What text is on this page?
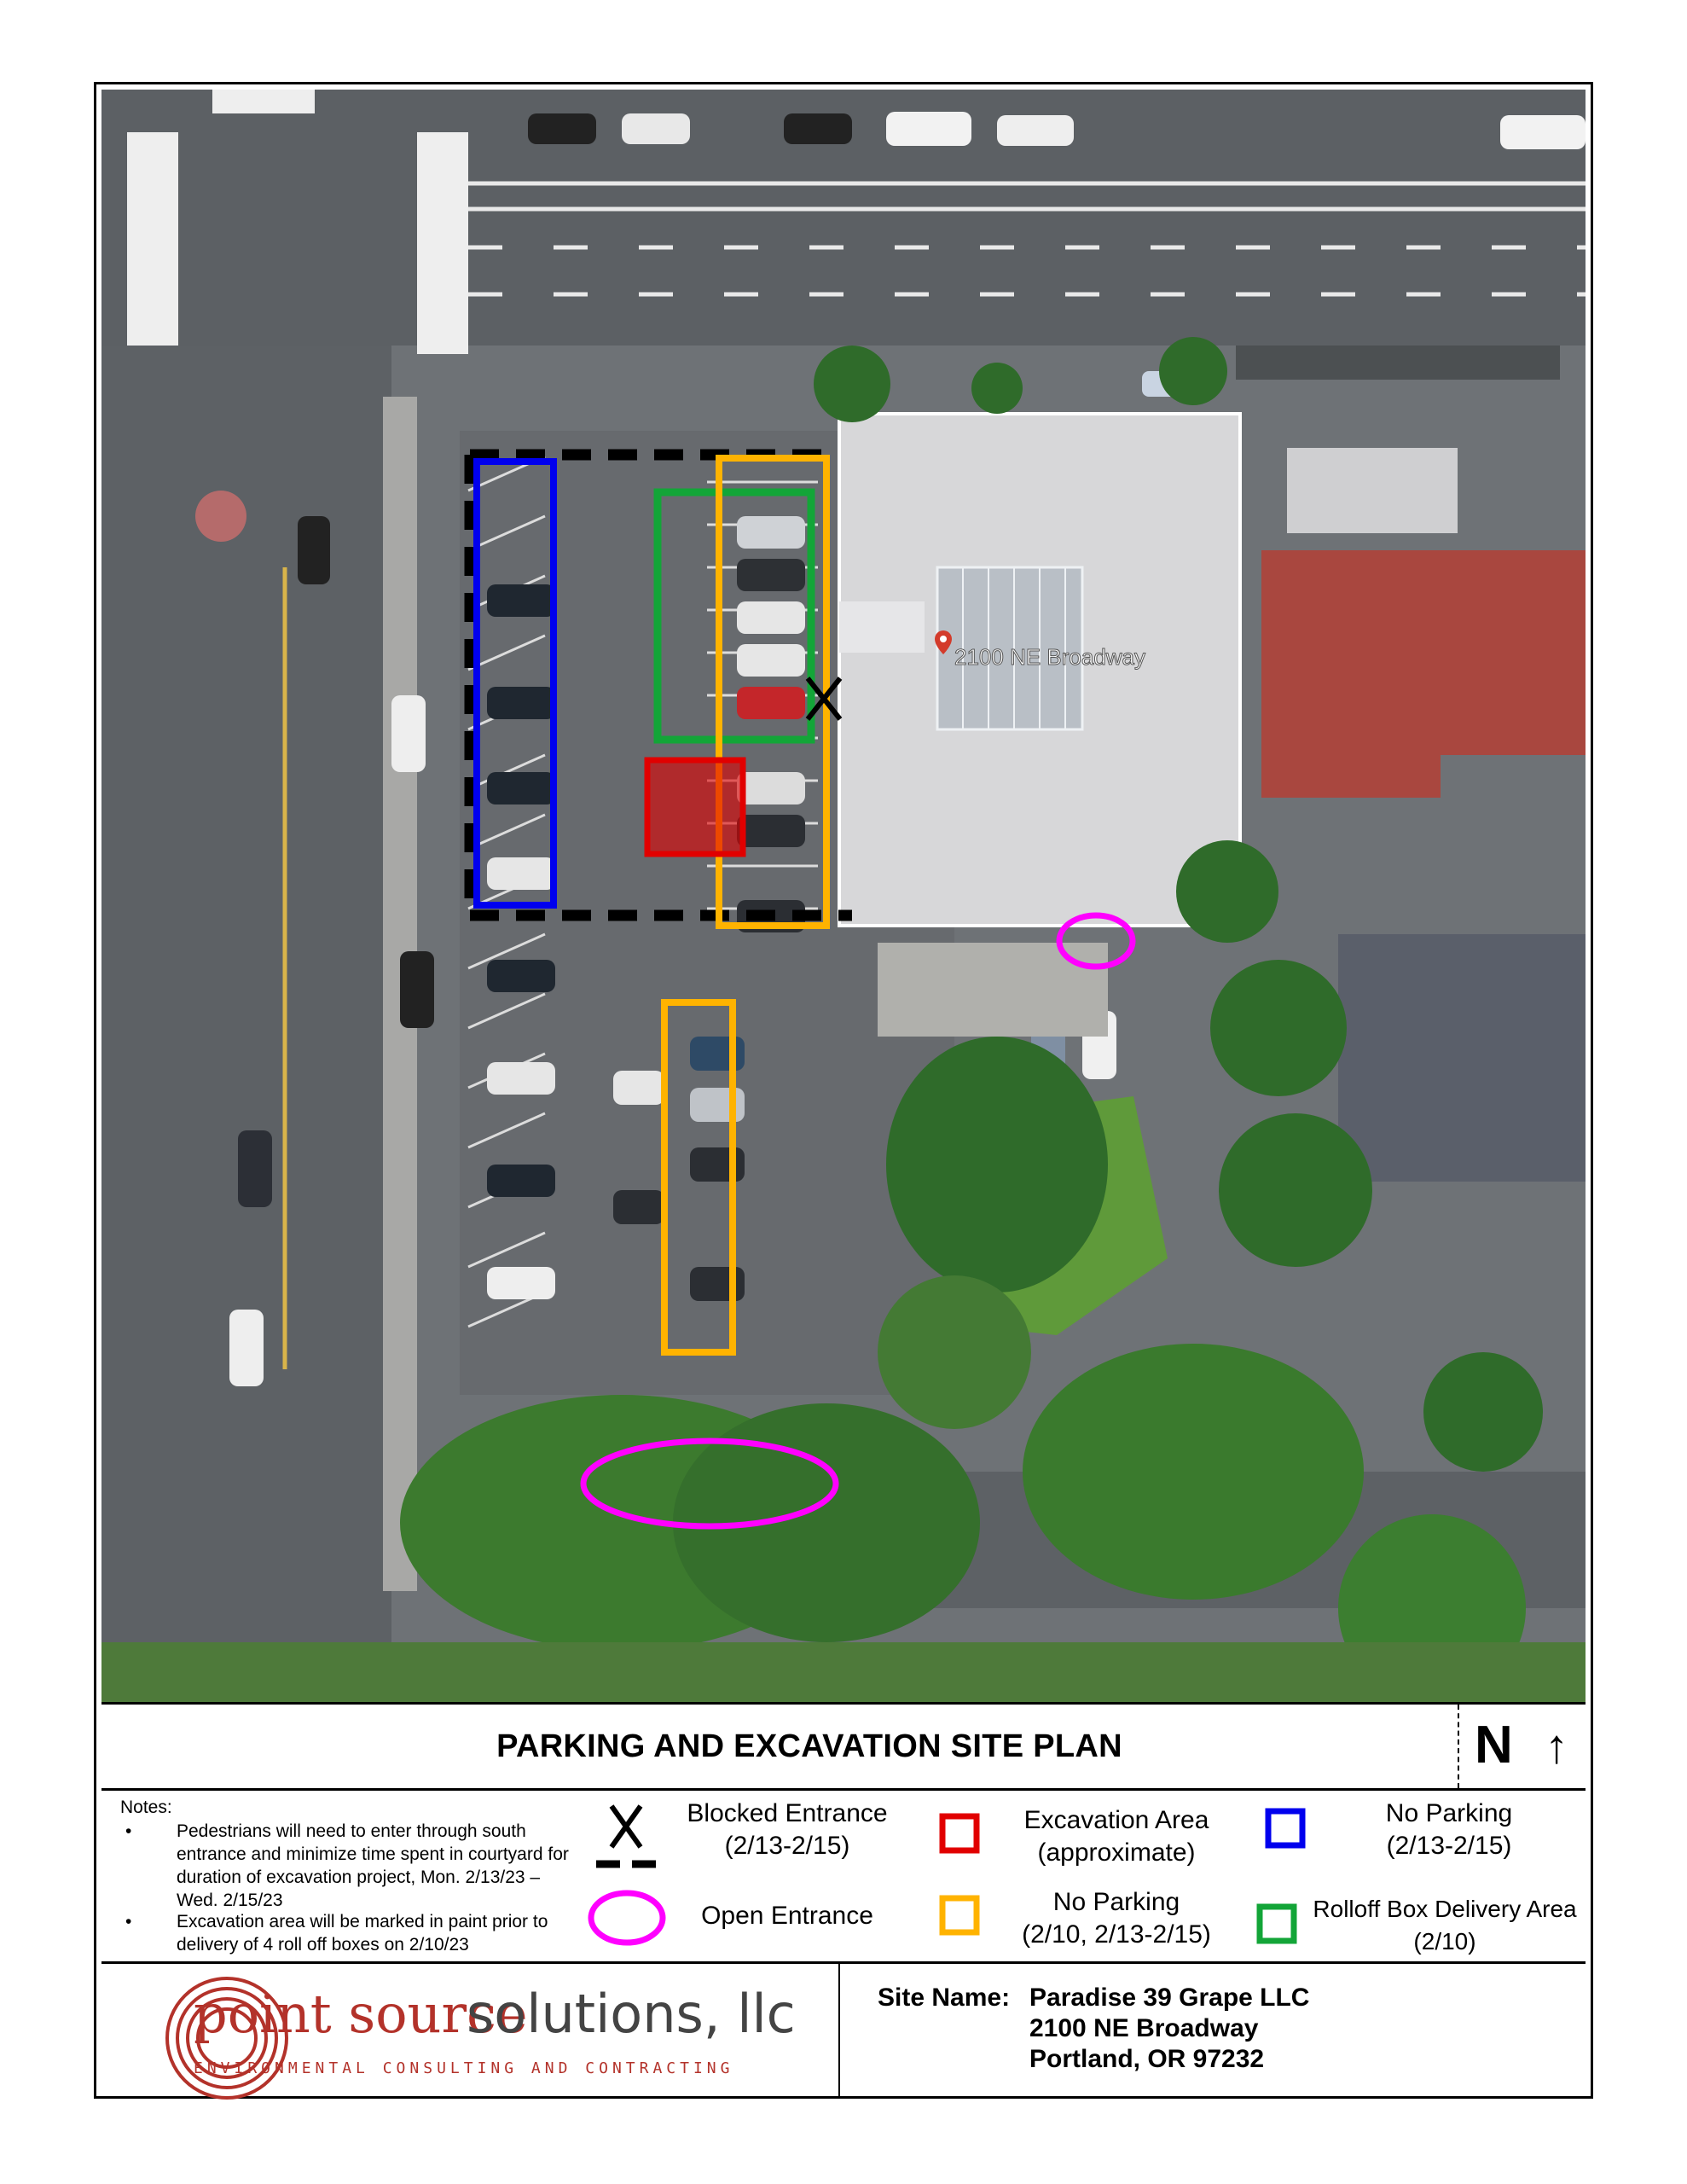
2100 NE Broadway
PARKING AND EXCAVATION SITE PLAN	N ↑
Notes:
•	Pedestrians will need to enter through south entrance and minimize time spent in courtyard for duration of excavation project, Mon. 2/13/23 – Wed. 2/15/23
•	Excavation area will be marked in paint prior to delivery of 4 roll off boxes on 2/10/23
Blocked Entrance
(2/13-2/15)
Open Entrance
Excavation Area
(approximate)
No Parking
(2/10, 2/13-2/15)
No Parking
(2/13-2/15)
Rolloff Box Delivery Area
(2/10)
point source
solutions, llc
ENVIRONMENTAL CONSULTING AND CONTRACTING
Site Name: Paradise 39 Grape LLC
2100 NE Broadway
Portland, OR 97232
